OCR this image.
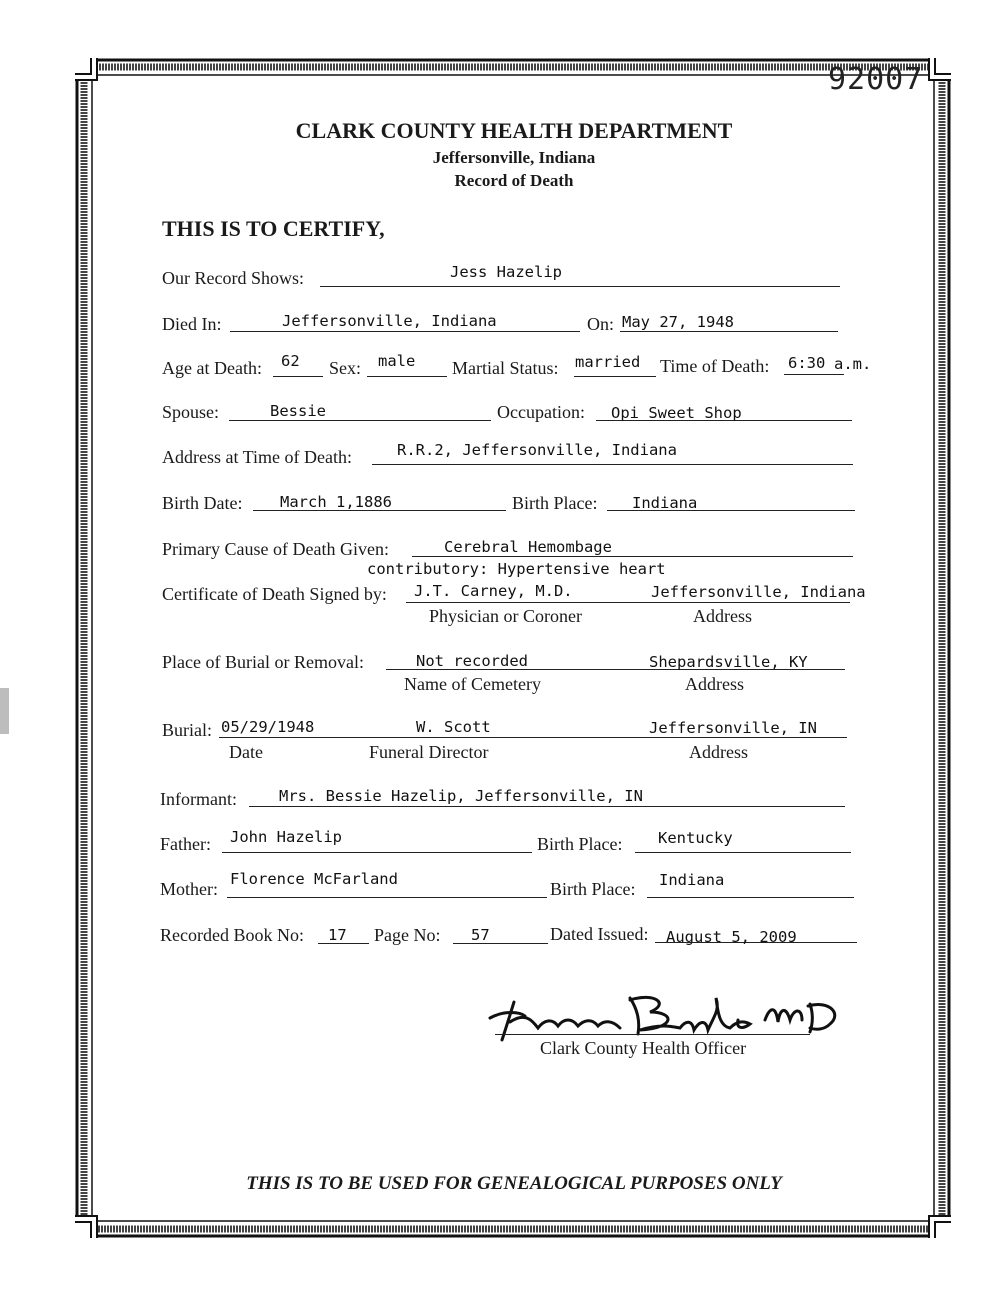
92007
CLARK COUNTY HEALTH DEPARTMENT
Jeffersonville, Indiana
Record of Death
THIS IS TO CERTIFY,
Our Record Shows:	Jess Hazelip
Died In:	Jeffersonville, Indiana	On: May 27, 1948
Age at Death: 62 Sex: male Martial Status: married Time of Death: 6:30 a.m.
Spouse:	Bessie	Occupation: Opi Sweet Shop
Address at Time of Death:	R.R.2, Jeffersonville, Indiana
Birth Date: March 1,1886	Birth Place: Indiana
Primary Cause of Death Given:	Cerebral Hemombage
contributory: Hypertensive heart
Certificate of Death Signed by: J.T. Carney, M.D.	Jeffersonville, Indiana
Physician or Coroner	Address
Place of Burial or Removal:	Not recorded	Shepardsville, KY
Name of Cemetery	Address
Burial: 05/29/1948	W. Scott	Jeffersonville, IN
Date	Funeral Director	Address
Informant:	Mrs. Bessie Hazelip, Jeffersonville, IN
Father: John Hazelip	Birth Place: Kentucky
Mother: Florence McFarland	Birth Place: Indiana
Recorded Book No: 17 Page No: 57	Dated Issued: August 5, 2009
Clark County Health Officer
THIS IS TO BE USED FOR GENEALOGICAL PURPOSES ONLY
